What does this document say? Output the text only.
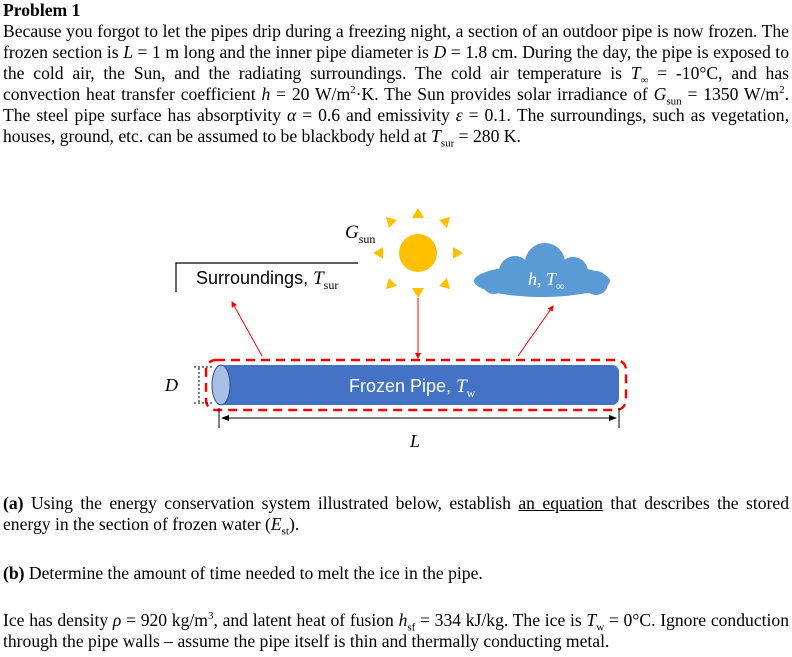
Problem 1
Because you forgot to let the pipes drip during a freezing night, a section of an outdoor pipe is now frozen. The frozen section is L = 1 m long and the inner pipe diameter is D = 1.8 cm. During the day, the pipe is exposed to the cold air, the Sun, and the radiating surroundings. The cold air temperature is $T_\infty = -10^\circ C$, and has convection heat transfer coefficient h = 20 $W/m^2\cdot K$. The Sun provides solar irradiance of $G_{sun} = 1350$ $W/m^2$. The steel pipe surface has absorptivity α = 0.6 and emissivity ε = 0.1. The surroundings, such as vegetation, houses, ground, etc. can be assumed to be blackbody held at $T_{sur} = 280$ K.
$G_{sun}$
Surroundings, $T_{sur}$	h, $T_\infty$
Frozen Pipe, $T_w$
D
L
(a) Using the energy conservation system illustrated below, establish an equation that describes the stored energy in the section of frozen water $(E_{st})$.
(b) Determine the amount of time needed to melt the ice in the pipe.
Ice has density ρ = 920 $kg/m^3$, and latent heat of fusion $h_{sf} = 334$ kJ/kg. The ice is $T_w = 0^\circ C$. Ignore conduction through the pipe walls – assume the pipe itself is thin and thermally conducting metal.
